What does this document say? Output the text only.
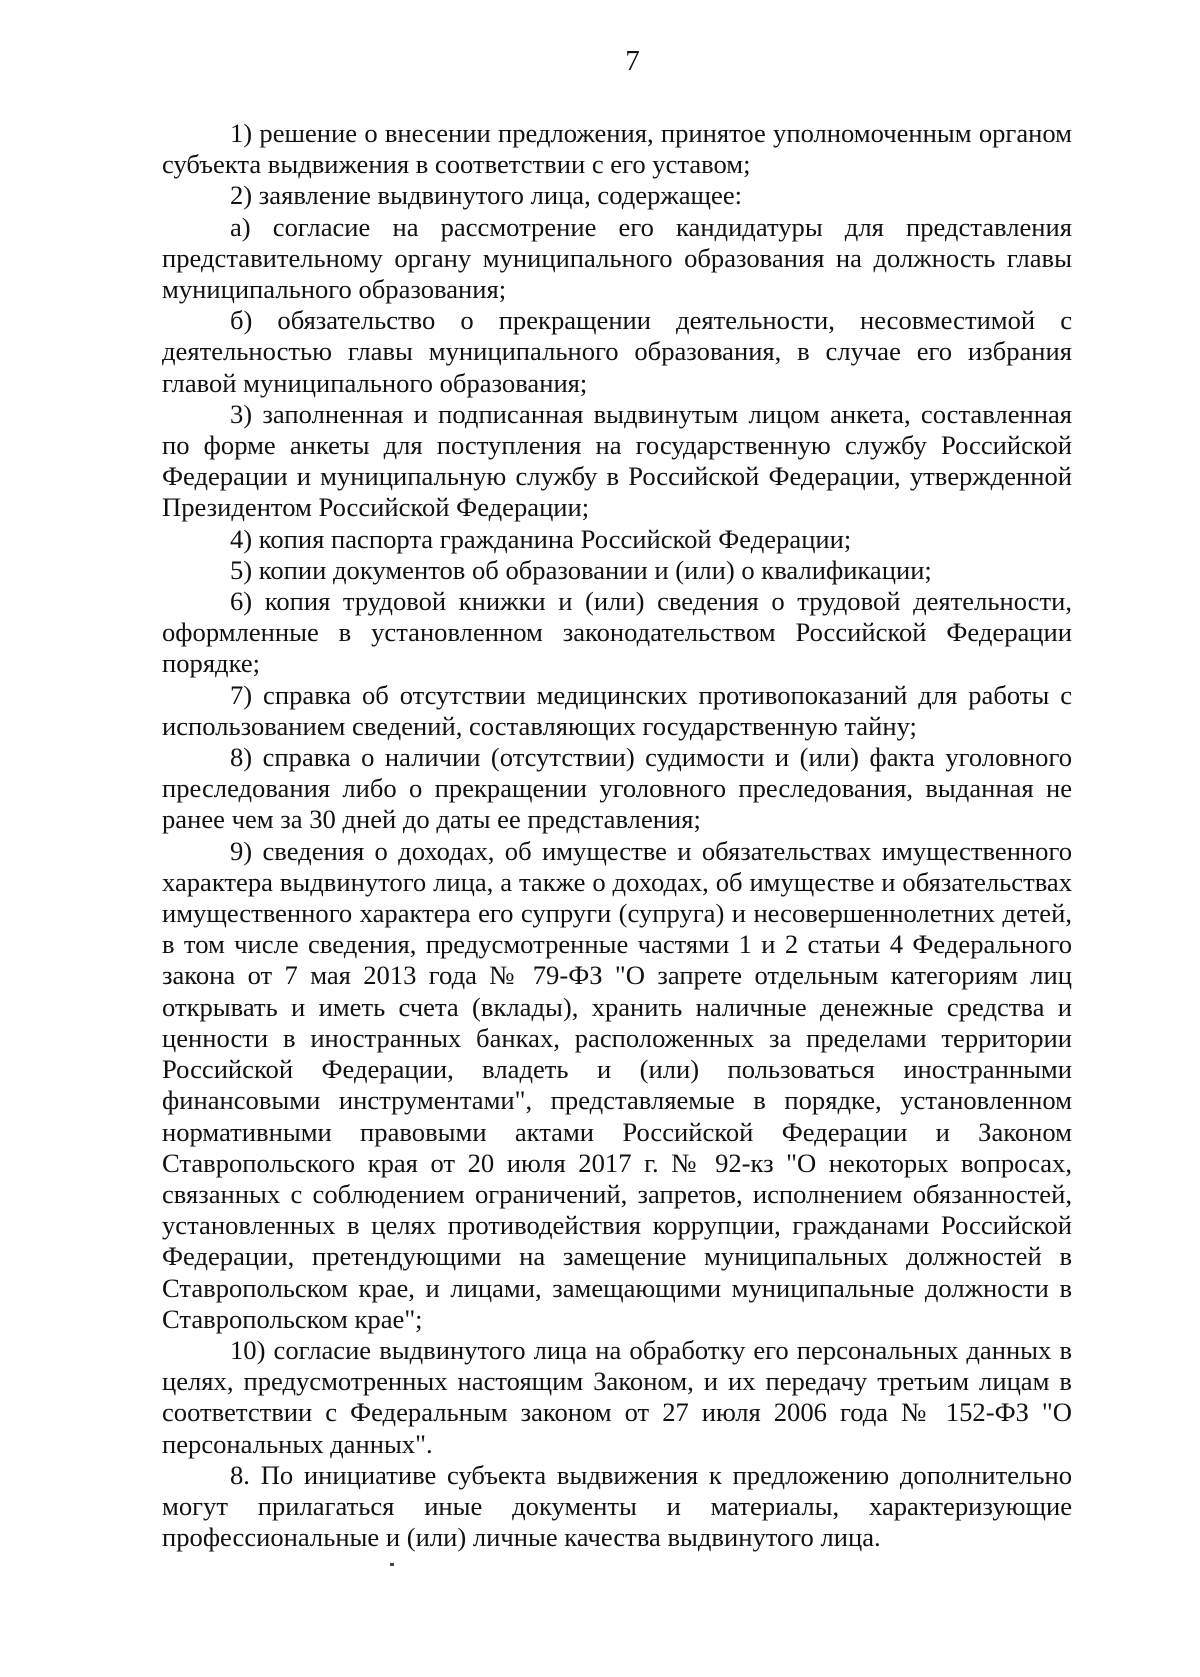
7

1) решение о внесении предложения, принятое уполномоченным органом субъекта выдвижения в соответствии с его уставом;

2) заявление выдвинутого лица, содержащее:

а) согласие на рассмотрение его кандидатуры для представления представительному органу муниципального образования на должность главы муниципального образования;

б) обязательство о прекращении деятельности, несовместимой с деятельностью главы муниципального образования, в случае его избрания главой муниципального образования;

3) заполненная и подписанная выдвинутым лицом анкета, составленная по форме анкеты для поступления на государственную службу Российской Федерации и муниципальную службу в Российской Федерации, утвержденной Президентом Российской Федерации;

4) копия паспорта гражданина Российской Федерации;

5) копии документов об образовании и (или) о квалификации;

6) копия трудовой книжки и (или) сведения о трудовой деятельности, оформленные в установленном законодательством Российской Федерации порядке;

7) справка об отсутствии медицинских противопоказаний для работы с использованием сведений, составляющих государственную тайну;

8) справка о наличии (отсутствии) судимости и (или) факта уголовного преследования либо о прекращении уголовного преследования, выданная не ранее чем за 30 дней до даты ее представления;

9) сведения о доходах, об имуществе и обязательствах имущественного характера выдвинутого лица, а также о доходах, об имуществе и обязательствах имущественного характера его супруги (супруга) и несовершеннолетних детей, в том числе сведения, предусмотренные частями 1 и 2 статьи 4 Федерального закона от 7 мая 2013 года № 79-ФЗ "О запрете отдельным категориям лиц открывать и иметь счета (вклады), хранить наличные денежные средства и ценности в иностранных банках, расположенных за пределами территории Российской Федерации, владеть и (или) пользоваться иностранными финансовыми инструментами", представляемые в порядке, установленном нормативными правовыми актами Российской Федерации и Законом Ставропольского края от 20 июля 2017 г. № 92-кз "О некоторых вопросах, связанных с соблюдением ограничений, запретов, исполнением обязанностей, установленных в целях противодействия коррупции, гражданами Российской Федерации, претендующими на замещение муниципальных должностей в Ставропольском крае, и лицами, замещающими муниципальные должности в Ставропольском крае";

10) согласие выдвинутого лица на обработку его персональных данных в целях, предусмотренных настоящим Законом, и их передачу третьим лицам в соответствии с Федеральным законом от 27 июля 2006 года № 152-ФЗ "О персональных данных".

8. По инициативе субъекта выдвижения к предложению дополнительно могут прилагаться иные документы и материалы, характеризующие профессиональные и (или) личные качества выдвинутого лица.
